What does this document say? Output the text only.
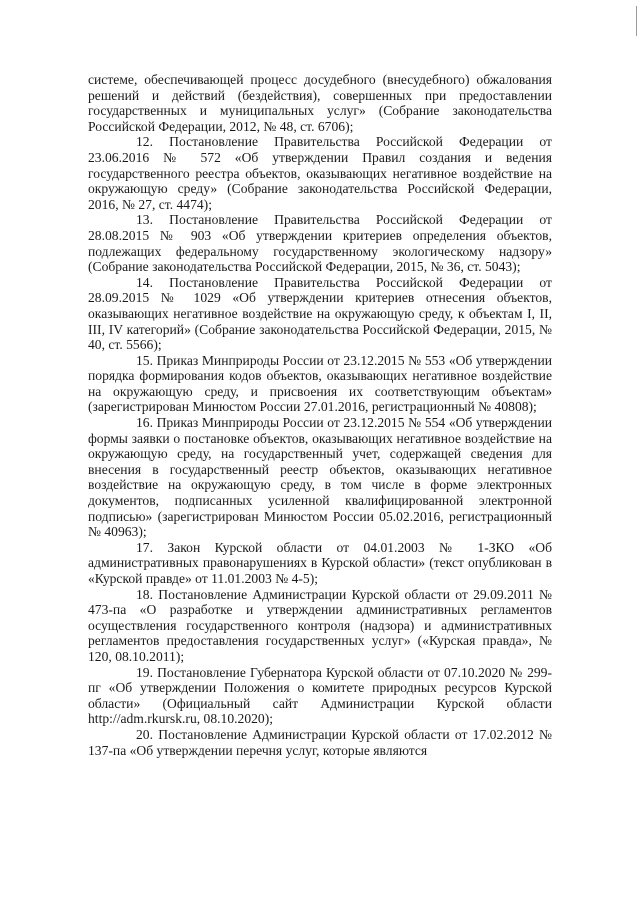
системе, обеспечивающей процесс досудебного (внесудебного) обжалования решений и действий (бездействия), совершенных при предоставлении государственных и муниципальных услуг» (Собрание законодательства Российской Федерации, 2012, № 48, ст. 6706);

12. Постановление Правительства Российской Федерации от 23.06.2016 № 572 «Об утверждении Правил создания и ведения государственного реестра объектов, оказывающих негативное воздействие на окружающую среду» (Собрание законодательства Российской Федерации, 2016, № 27, ст. 4474);

13. Постановление Правительства Российской Федерации от 28.08.2015 № 903 «Об утверждении критериев определения объектов, подлежащих федеральному государственному экологическому надзору» (Собрание законодательства Российской Федерации, 2015, № 36, ст. 5043);

14. Постановление Правительства Российской Федерации от 28.09.2015 № 1029 «Об утверждении критериев отнесения объектов, оказывающих негативное воздействие на окружающую среду, к объектам I, II, III, IV категорий» (Собрание законодательства Российской Федерации, 2015, № 40, ст. 5566);

15. Приказ Минприроды России от 23.12.2015 № 553 «Об утверждении порядка формирования кодов объектов, оказывающих негативное воздействие на окружающую среду, и присвоения их соответствующим объектам» (зарегистрирован Минюстом России 27.01.2016, регистрационный № 40808);

16. Приказ Минприроды России от 23.12.2015 № 554 «Об утверждении формы заявки о постановке объектов, оказывающих негативное воздействие на окружающую среду, на государственный учет, содержащей сведения для внесения в государственный реестр объектов, оказывающих негативное воздействие на окружающую среду, в том числе в форме электронных документов, подписанных усиленной квалифицированной электронной подписью» (зарегистрирован Минюстом России 05.02.2016, регистрационный № 40963);

17. Закон Курской области от 04.01.2003 № 1-ЗКО «Об административных правонарушениях в Курской области» (текст опубликован в «Курской правде» от 11.01.2003 № 4-5);

18. Постановление Администрации Курской области от 29.09.2011 № 473-па «О разработке и утверждении административных регламентов осуществления государственного контроля (надзора) и административных регламентов предоставления государственных услуг» («Курская правда», № 120, 08.10.2011);

19. Постановление Губернатора Курской области от 07.10.2020 № 299-пг «Об утверждении Положения о комитете природных ресурсов Курской области» (Официальный сайт Администрации Курской области http://adm.rkursk.ru, 08.10.2020);

20. Постановление Администрации Курской области от 17.02.2012 № 137-па «Об утверждении перечня услуг, которые являются
